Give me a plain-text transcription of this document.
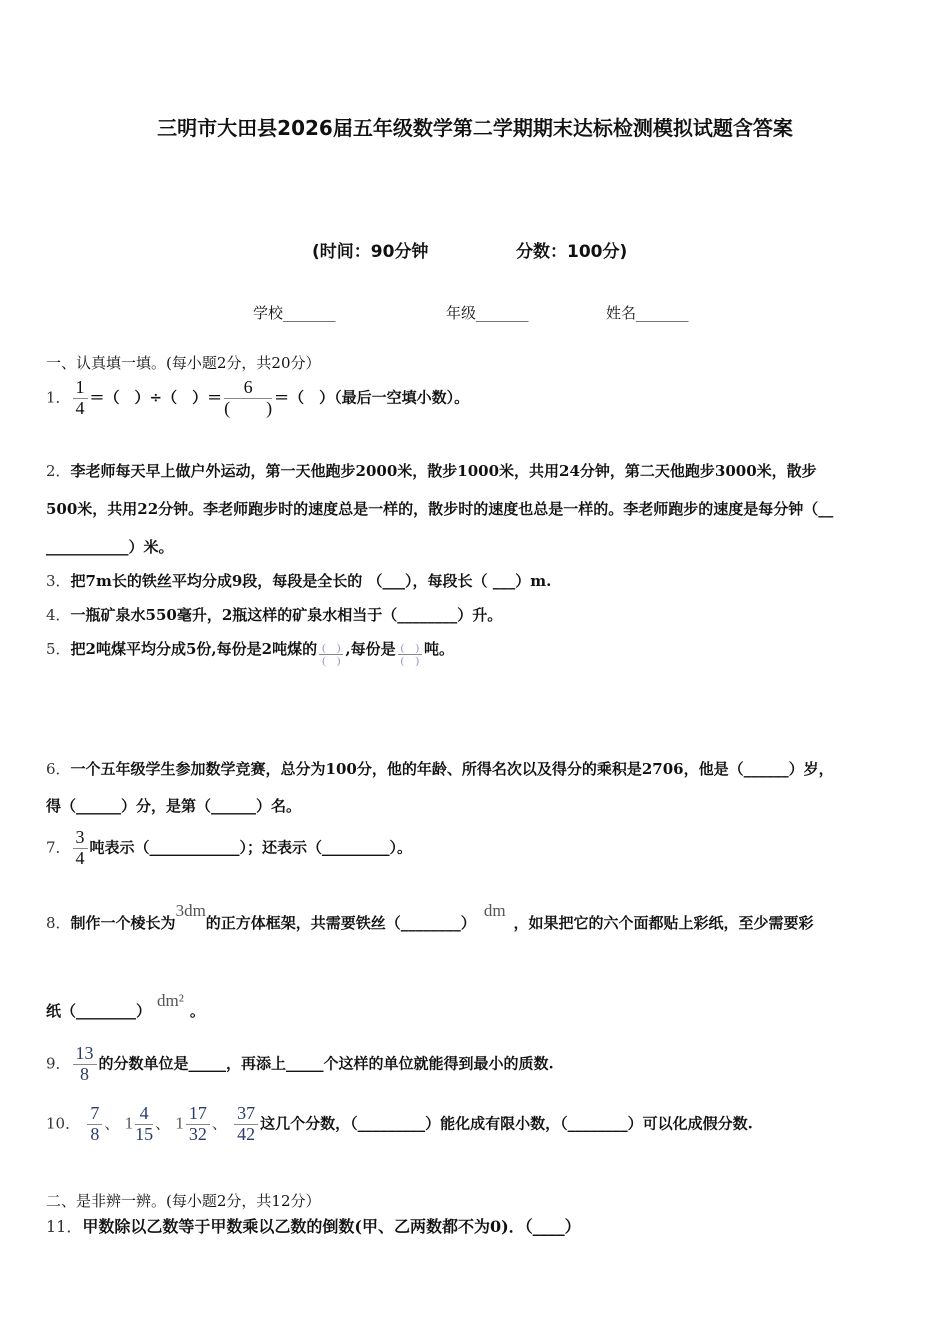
三明市大田县2026届五年级数学第二学期期末达标检测模拟试题含答案
(时间：90分钟	分数：100分)
学校_______	年级_______	姓名_______
一、认真填一填。(每小题2分，共20分）
1． $\frac{1}{4}$ ＝（　）÷（　）＝ $\frac{6}{( )}$ ＝（　）（最后一空填小数）。
2．李老师每天早上做户外运动，第一天他跑步2000米，散步1000米，共用24分钟，第二天他跑步3000米，散步
500米，共用22分钟。李老师跑步时的速度总是一样的，散步时的速度也总是一样的。李老师跑步的速度是每分钟（__
___________）米。
3．把7m长的铁丝平均分成9段，每段是全长的 （___），每段长（ ___）m.
4．一瓶矿泉水550毫升，2瓶这样的矿泉水相当于（________）升。
5．把2吨煤平均分成5份,每份是2吨煤的 $\frac{( )}{( )}$ ,每份是 $\frac{( )}{( )}$ 吨。
6．一个五年级学生参加数学竞赛，总分为100分，他的年龄、所得名次以及得分的乘积是2706，他是（______）岁，
得（______）分，是第（______）名。
7． $\frac{3}{4}$ 吨表示（____________）；还表示（_________）。
8．制作一个棱长为3dm的正方体框架，共需要铁丝（________）dm，如果把它的六个面都贴上彩纸，至少需要彩
纸（________）dm²。
9． $\frac{13}{8}$ 的分数单位是_____，再添上_____个这样的单位就能得到最小的质数.
10． $\frac{7}{8}$ 、 $1 \frac{4}{15}$ 、 $1 \frac{17}{32}$ 、 $\frac{37}{42}$ 这几个分数，（_________）能化成有限小数，（________）可以化成假分数.
二、是非辨一辨。(每小题2分，共12分）
11．甲数除以乙数等于甲数乘以乙数的倒数(甲、乙两数都不为0)．（____）
